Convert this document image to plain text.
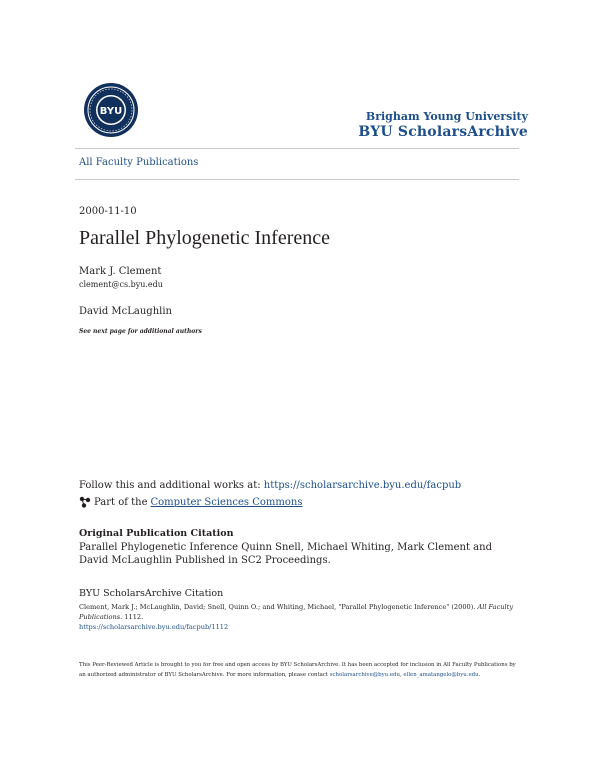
BYU	Brigham Young University
BYU ScholarsArchive
All Faculty Publications
2000-11-10
Parallel Phylogenetic Inference
Mark J. Clement
clement@cs.byu.edu
David McLaughlin
See next page for additional authors
Follow this and additional works at: https://scholarsarchive.byu.edu/facpub
Part of the Computer Sciences Commons
Original Publication Citation
Parallel Phylogenetic Inference Quinn Snell, Michael Whiting, Mark Clement and David McLaughlin Published in SC2 Proceedings.
BYU ScholarsArchive Citation
Clement, Mark J.; McLaughlin, David; Snell, Quinn O.; and Whiting, Michael, "Parallel Phylogenetic Inference" (2000). All Faculty Publications. 1112.
https://scholarsarchive.byu.edu/facpub/1112
This Peer-Reviewed Article is brought to you for free and open access by BYU ScholarsArchive. It has been accepted for inclusion in All Faculty Publications by an authorized administrator of BYU ScholarsArchive. For more information, please contact scholarsarchive@byu.edu, ellen_amatangelo@byu.edu.
